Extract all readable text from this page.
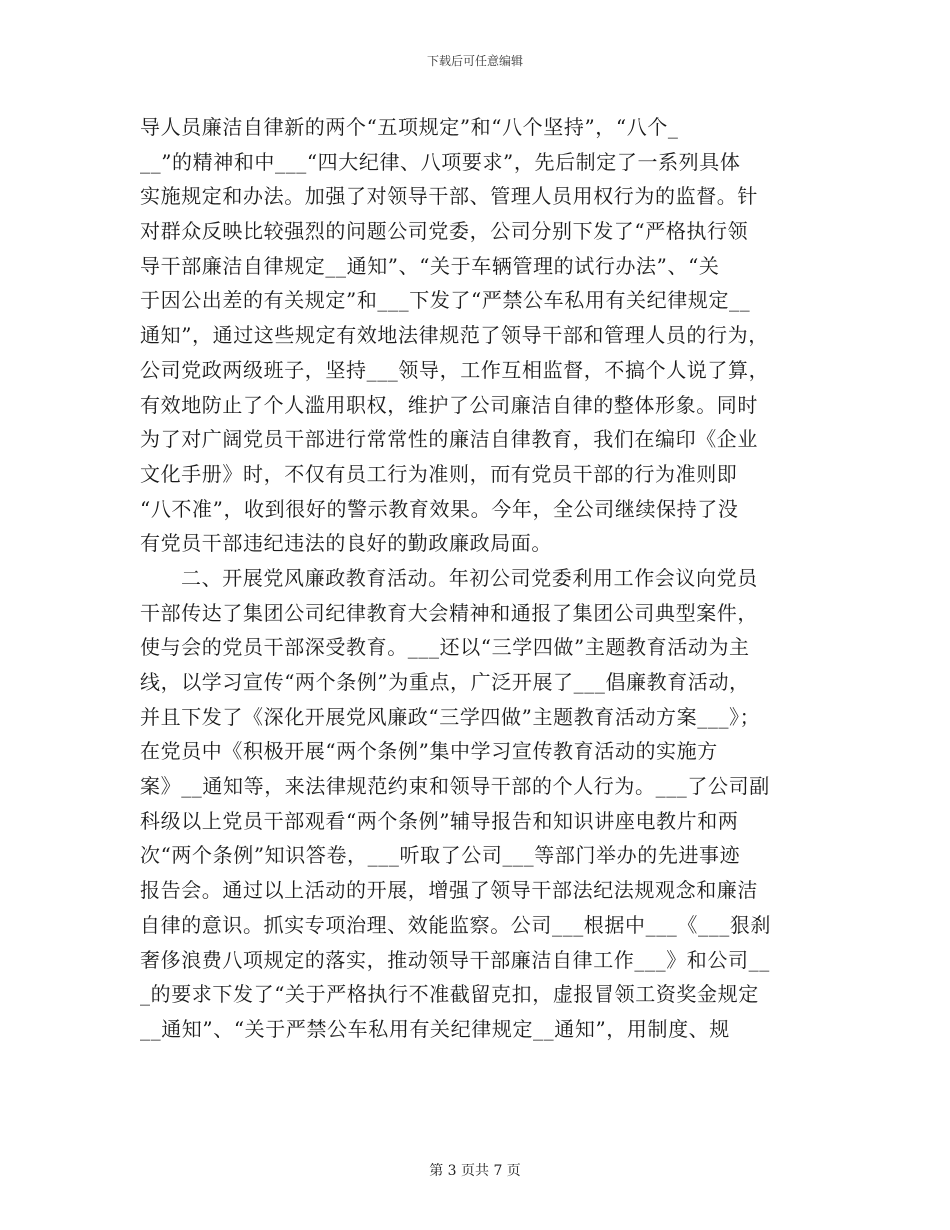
下载后可任意编辑
导人员廉洁自律新的两个“五项规定”和“八个坚持”，“八个_
__”的精神和中___“四大纪律、八项要求”，先后制定了一系列具体
实施规定和办法。加强了对领导干部、管理人员用权行为的监督。针
对群众反映比较强烈的问题公司党委，公司分别下发了“严格执行领
导干部廉洁自律规定__通知”、“关于车辆管理的试行办法”、“关
于因公出差的有关规定”和___下发了“严禁公车私用有关纪律规定__
通知”，通过这些规定有效地法律规范了领导干部和管理人员的行为，
公司党政两级班子，坚持___领导，工作互相监督，不搞个人说了算，
有效地防止了个人滥用职权，维护了公司廉洁自律的整体形象。同时
为了对广阔党员干部进行常常性的廉洁自律教育，我们在编印《企业
文化手册》时，不仅有员工行为准则，而有党员干部的行为准则即
“八不准”，收到很好的警示教育效果。今年，全公司继续保持了没
有党员干部违纪违法的良好的勤政廉政局面。
二、开展党风廉政教育活动。年初公司党委利用工作会议向党员
干部传达了集团公司纪律教育大会精神和通报了集团公司典型案件，
使与会的党员干部深受教育。___还以“三学四做”主题教育活动为主
线，以学习宣传“两个条例”为重点，广泛开展了___倡廉教育活动，
并且下发了《深化开展党风廉政“三学四做”主题教育活动方案___》；
在党员中《积极开展“两个条例”集中学习宣传教育活动的实施方
案》__通知等，来法律规范约束和领导干部的个人行为。___了公司副
科级以上党员干部观看“两个条例”辅导报告和知识讲座电教片和两
次“两个条例”知识答卷，___听取了公司___等部门举办的先进事迹
报告会。通过以上活动的开展，增强了领导干部法纪法规观念和廉洁
自律的意识。抓实专项治理、效能监察。公司___根据中___《___狠刹
奢侈浪费八项规定的落实，推动领导干部廉洁自律工作___》和公司__
_的要求下发了“关于严格执行不准截留克扣，虚报冒领工资奖金规定
__通知”、“关于严禁公车私用有关纪律规定__通知”，用制度、规
第 3 页共 7 页
